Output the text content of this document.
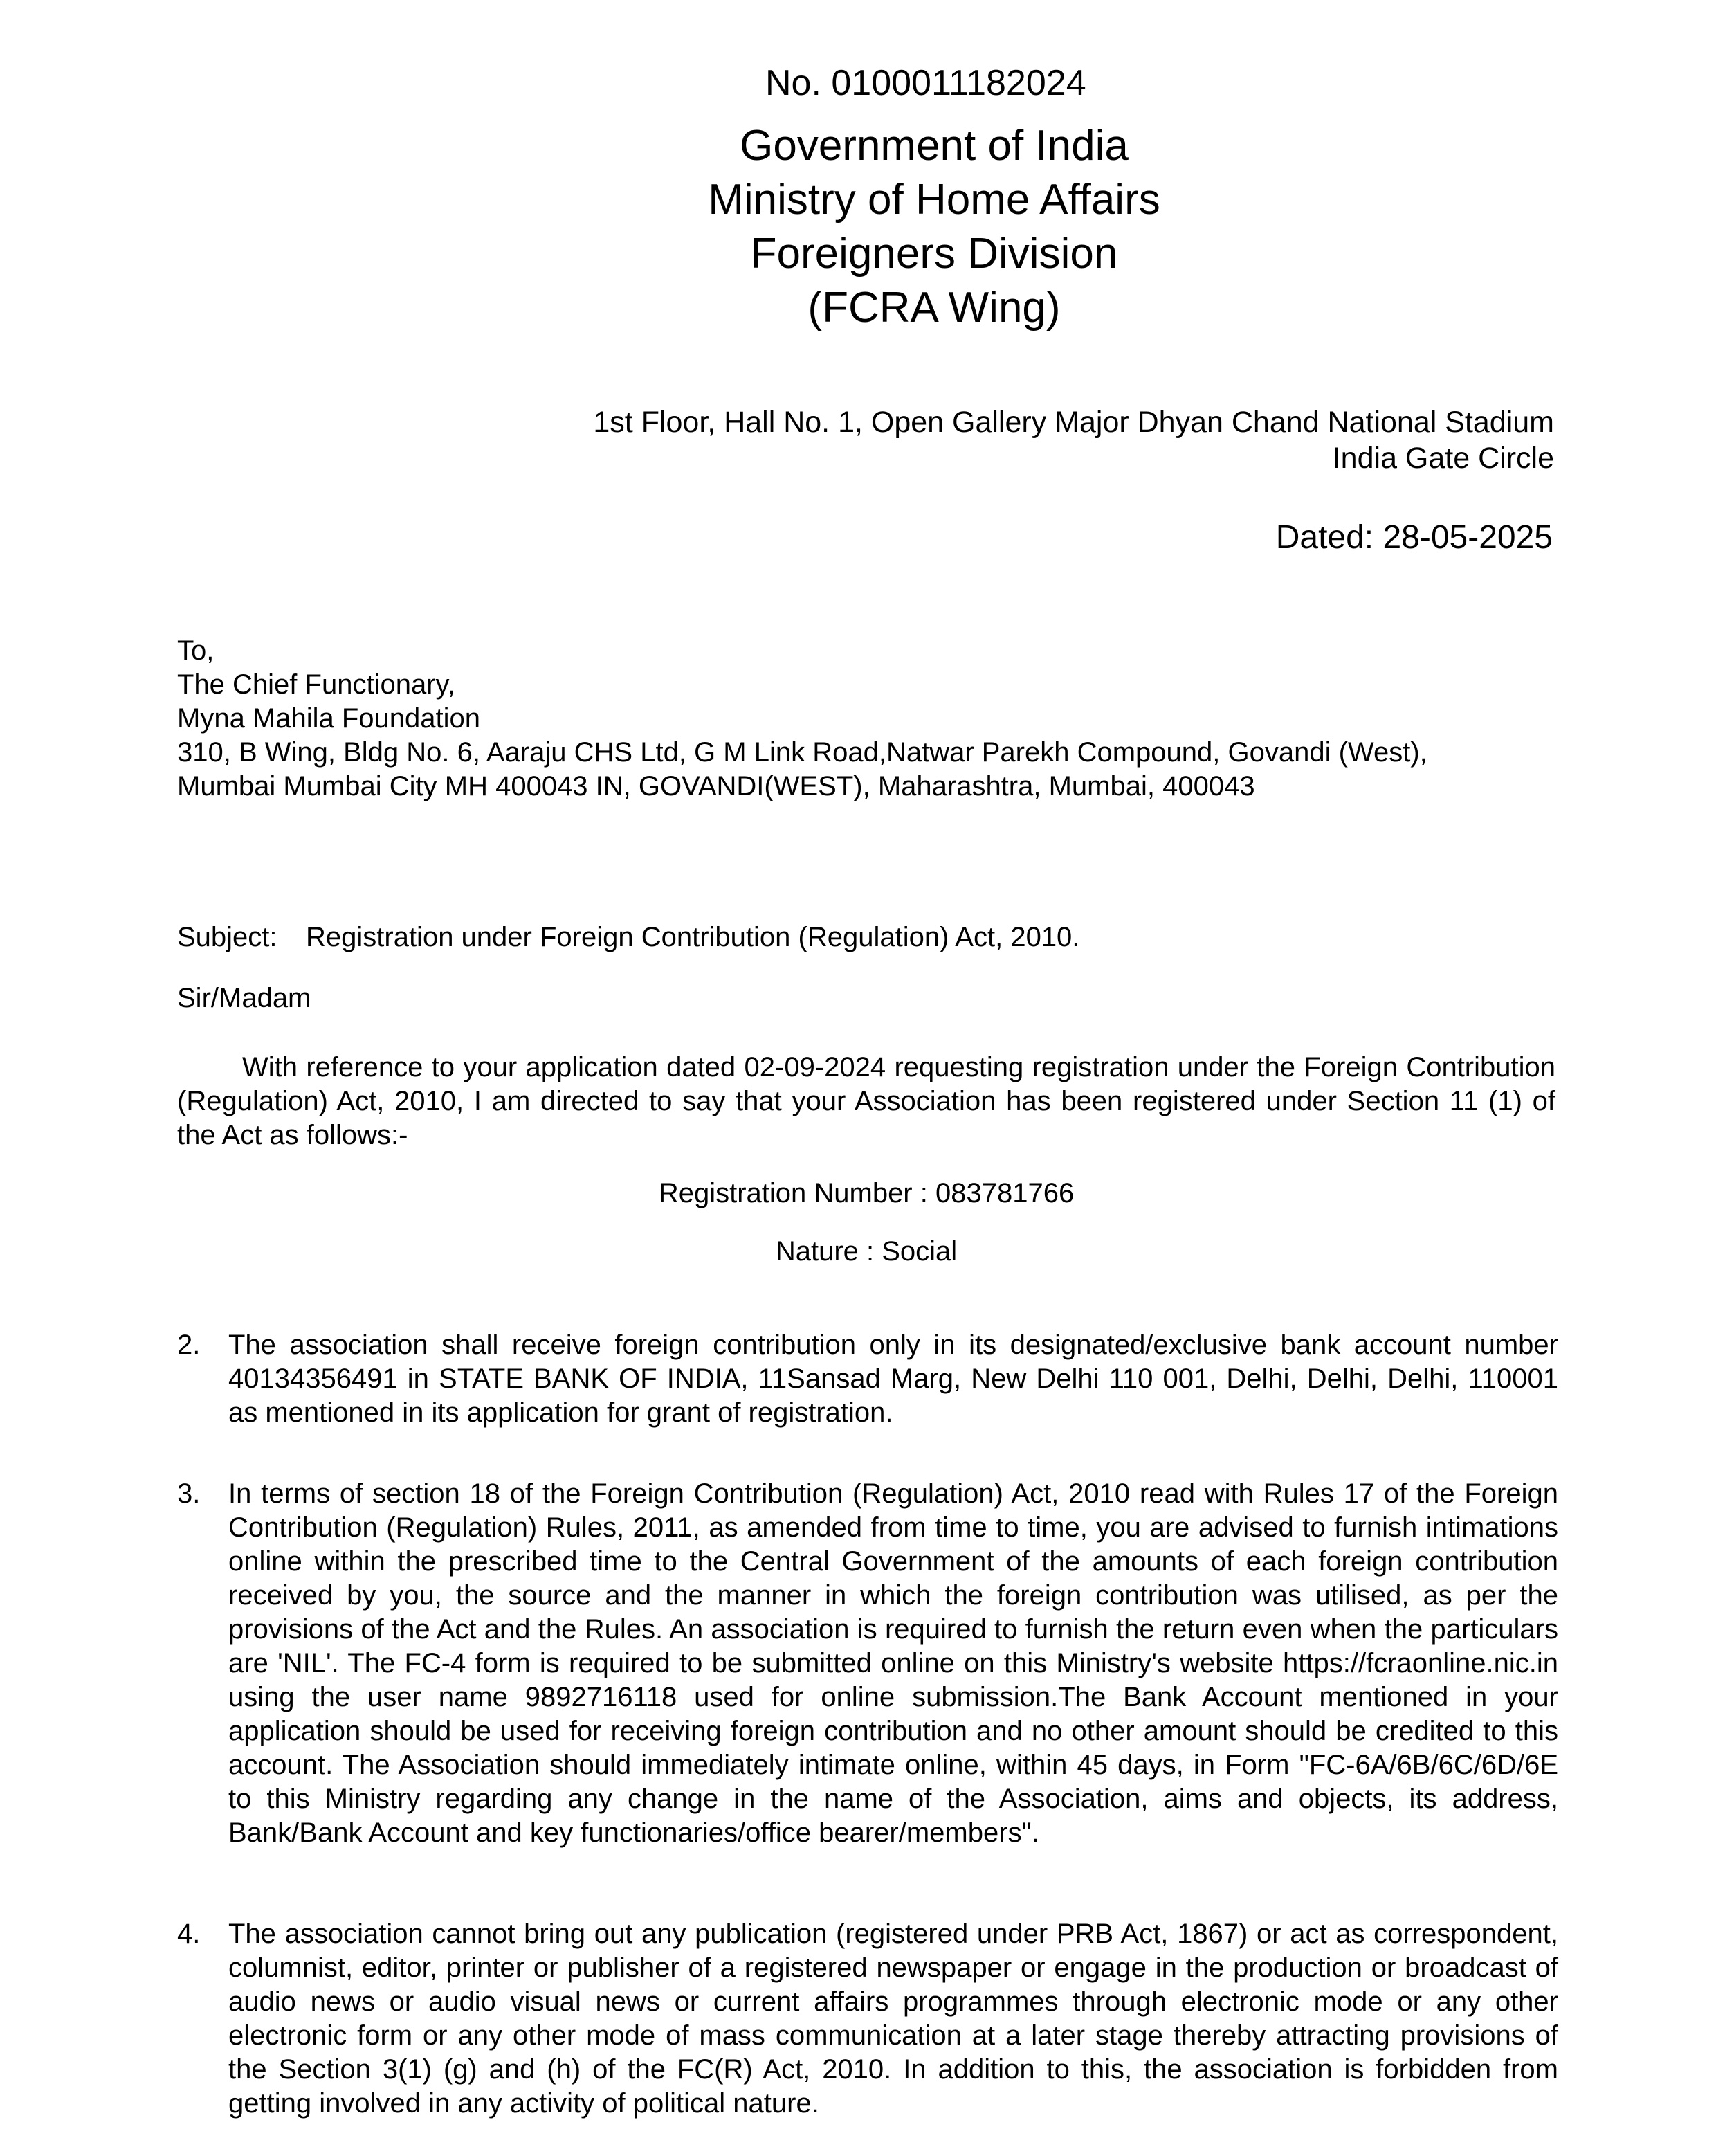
No. 0100011182024
Government of India
Ministry of Home Affairs
Foreigners Division
(FCRA Wing)
1st Floor, Hall No. 1, Open Gallery Major Dhyan Chand National Stadium
India Gate Circle
Dated: 28-05-2025
To,
The Chief Functionary,
Myna Mahila Foundation
310, B Wing, Bldg No. 6, Aaraju CHS Ltd, G M Link Road,Natwar Parekh Compound, Govandi (West),
Mumbai Mumbai City MH 400043 IN, GOVANDI(WEST), Maharashtra, Mumbai, 400043
Subject: Registration under Foreign Contribution (Regulation) Act, 2010.
Sir/Madam
With reference to your application dated 02-09-2024 requesting registration under the Foreign Contribution (Regulation) Act, 2010, I am directed to say that your Association has been registered under Section 11 (1) of the Act as follows:-
Registration Number : 083781766
Nature : Social
2. The association shall receive foreign contribution only in its designated/exclusive bank account number 40134356491 in STATE BANK OF INDIA, 11Sansad Marg, New Delhi 110 001, Delhi, Delhi, Delhi, 110001 as mentioned in its application for grant of registration.
3. In terms of section 18 of the Foreign Contribution (Regulation) Act, 2010 read with Rules 17 of the Foreign Contribution (Regulation) Rules, 2011, as amended from time to time, you are advised to furnish intimations online within the prescribed time to the Central Government of the amounts of each foreign contribution received by you, the source and the manner in which the foreign contribution was utilised, as per the provisions of the Act and the Rules. An association is required to furnish the return even when the particulars are 'NIL'. The FC-4 form is required to be submitted online on this Ministry's website https://fcraonline.nic.in using the user name 9892716118 used for online submission.The Bank Account mentioned in your application should be used for receiving foreign contribution and no other amount should be credited to this account. The Association should immediately intimate online, within 45 days, in Form "FC-6A/6B/6C/6D/6E to this Ministry regarding any change in the name of the Association, aims and objects, its address, Bank/Bank Account and key functionaries/office bearer/members".
4. The association cannot bring out any publication (registered under PRB Act, 1867) or act as correspondent, columnist, editor, printer or publisher of a registered newspaper or engage in the production or broadcast of audio news or audio visual news or current affairs programmes through electronic mode or any other electronic form or any other mode of mass communication at a later stage thereby attracting provisions of the Section 3(1) (g) and (h) of the FC(R) Act, 2010. In addition to this, the association is forbidden from getting involved in any activity of political nature.
